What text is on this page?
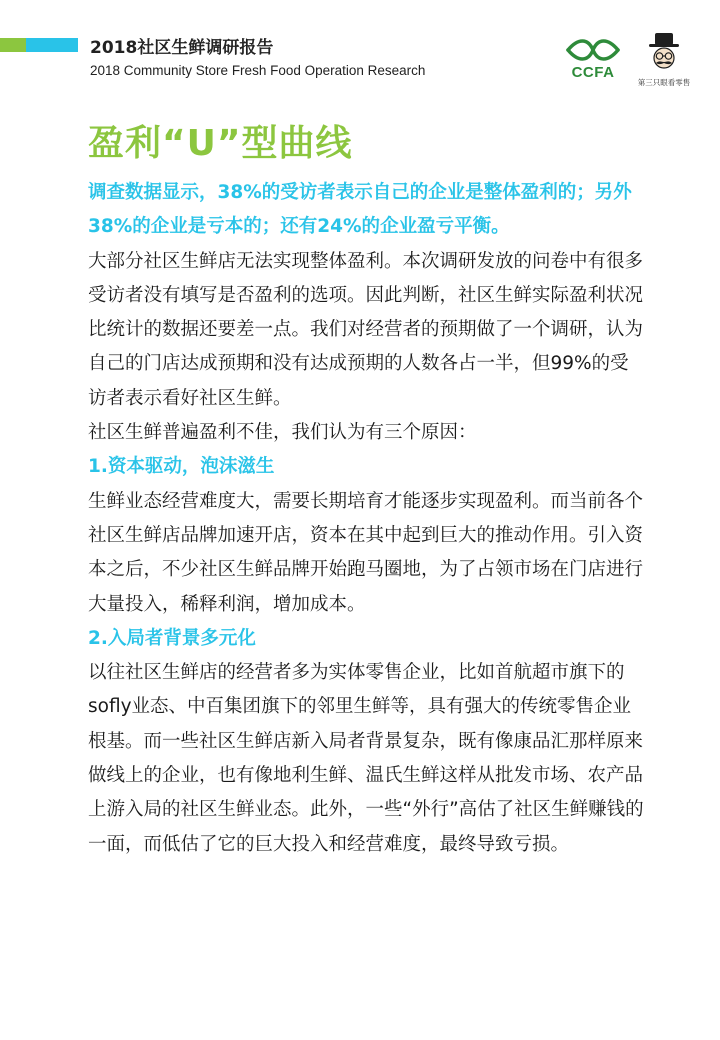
2018社区生鲜调研报告
2018 Community Store Fresh Food Operation Research	CCFA
第三只眼看零售
盈利“U”型曲线

调查数据显示，38%的受访者表示自己的企业是整体盈利的；另外38%的企业是亏本的；还有24%的企业盈亏平衡。

大部分社区生鲜店无法实现整体盈利。本次调研发放的问卷中有很多受访者没有填写是否盈利的选项。因此判断，社区生鲜实际盈利状况比统计的数据还要差一点。我们对经营者的预期做了一个调研，认为自己的门店达成预期和没有达成预期的人数各占一半，但99%的受访者表示看好社区生鲜。

社区生鲜普遍盈利不佳，我们认为有三个原因：

1.资本驱动，泡沫滋生

生鲜业态经营难度大，需要长期培育才能逐步实现盈利。而当前各个社区生鲜店品牌加速开店，资本在其中起到巨大的推动作用。引入资本之后，不少社区生鲜品牌开始跑马圈地，为了占领市场在门店进行大量投入，稀释利润，增加成本。

2.入局者背景多元化

以往社区生鲜店的经营者多为实体零售企业，比如首航超市旗下的sofly业态、中百集团旗下的邻里生鲜等，具有强大的传统零售企业根基。而一些社区生鲜店新入局者背景复杂，既有像康品汇那样原来做线上的企业，也有像地利生鲜、温氏生鲜这样从批发市场、农产品上游入局的社区生鲜业态。此外，一些“外行”高估了社区生鲜赚钱的一面，而低估了它的巨大投入和经营难度，最终导致亏损。
